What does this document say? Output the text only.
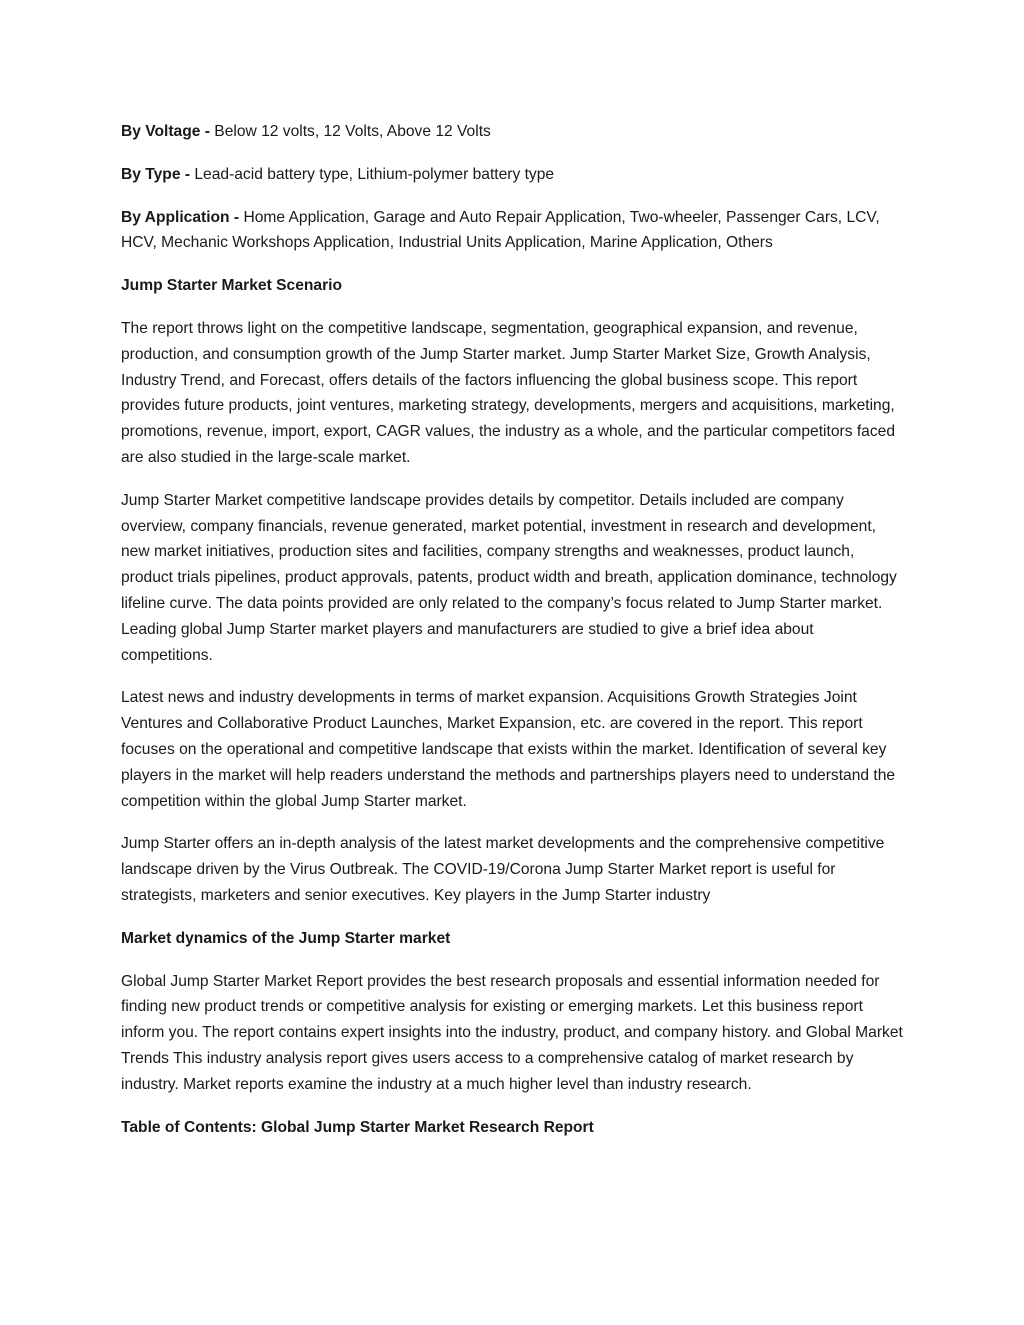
By Voltage - Below 12 volts, 12 Volts, Above 12 Volts

By Type - Lead-acid battery type, Lithium-polymer battery type

By Application - Home Application, Garage and Auto Repair Application, Two-wheeler, Passenger Cars, LCV, HCV, Mechanic Workshops Application, Industrial Units Application, Marine Application, Others

Jump Starter Market Scenario

The report throws light on the competitive landscape, segmentation, geographical expansion, and revenue, production, and consumption growth of the Jump Starter market. Jump Starter Market Size, Growth Analysis, Industry Trend, and Forecast, offers details of the factors influencing the global business scope. This report provides future products, joint ventures, marketing strategy, developments, mergers and acquisitions, marketing, promotions, revenue, import, export, CAGR values, the industry as a whole, and the particular competitors faced are also studied in the large-scale market.

Jump Starter Market competitive landscape provides details by competitor. Details included are company overview, company financials, revenue generated, market potential, investment in research and development, new market initiatives, production sites and facilities, company strengths and weaknesses, product launch, product trials pipelines, product approvals, patents, product width and breath, application dominance, technology lifeline curve. The data points provided are only related to the company’s focus related to Jump Starter market. Leading global Jump Starter market players and manufacturers are studied to give a brief idea about competitions.

Latest news and industry developments in terms of market expansion. Acquisitions Growth Strategies Joint Ventures and Collaborative Product Launches, Market Expansion, etc. are covered in the report. This report focuses on the operational and competitive landscape that exists within the market. Identification of several key players in the market will help readers understand the methods and partnerships players need to understand the competition within the global Jump Starter market.

Jump Starter offers an in-depth analysis of the latest market developments and the comprehensive competitive landscape driven by the Virus Outbreak. The COVID-19/Corona Jump Starter Market report is useful for strategists, marketers and senior executives. Key players in the Jump Starter industry

Market dynamics of the Jump Starter market

Global Jump Starter Market Report provides the best research proposals and essential information needed for finding new product trends or competitive analysis for existing or emerging markets. Let this business report inform you. The report contains expert insights into the industry, product, and company history. and Global Market Trends This industry analysis report gives users access to a comprehensive catalog of market research by industry. Market reports examine the industry at a much higher level than industry research.

Table of Contents: Global Jump Starter Market Research Report
